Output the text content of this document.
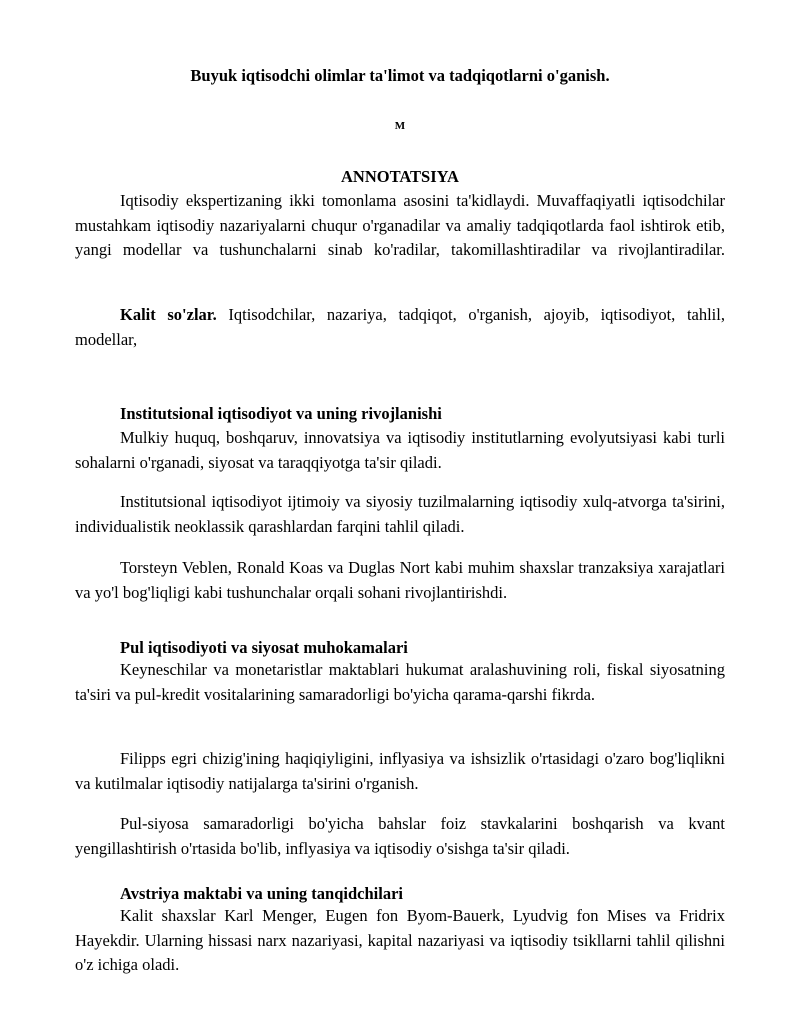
Buyuk iqtisodchi olimlar ta'limot va tadqiqotlarni o'ganish.
M
ANNOTATSIYA

Iqtisodiy ekspertizaning ikki tomonlama asosini ta'kidlaydi. Muvaffaqiyatli iqtisodchilar mustahkam iqtisodiy nazariyalarni chuqur o'rganadilar va amaliy tadqiqotlarda faol ishtirok etib, yangi modellar va tushunchalarni sinab ko'radilar, takomillashtiradilar va rivojlantiradilar.

Kalit so'zlar. Iqtisodchilar, nazariya, tadqiqot, o'rganish, ajoyib, iqtisodiyot, tahlil, modellar,

Institutsional iqtisodiyot va uning rivojlanishi

Mulkiy huquq, boshqaruv, innovatsiya va iqtisodiy institutlarning evolyutsiyasi kabi turli sohalarni o'rganadi, siyosat va taraqqiyotga ta'sir qiladi.

Institutsional iqtisodiyot ijtimoiy va siyosiy tuzilmalarning iqtisodiy xulq-atvorga ta'sirini, individualistik neoklassik qarashlardan farqini tahlil qiladi.

Torsteyn Veblen, Ronald Koas va Duglas Nort kabi muhim shaxslar tranzaksiya xarajatlari va yo'l bog'liqligi kabi tushunchalar orqali sohani rivojlantirishdi.

Pul iqtisodiyoti va siyosat muhokamalari

Keyneschilar va monetaristlar maktablari hukumat aralashuvining roli, fiskal siyosatning ta'siri va pul-kredit vositalarining samaradorligi bo'yicha qarama-qarshi fikrda.

Filipps egri chizig'ining haqiqiyligini, inflyasiya va ishsizlik o'rtasidagi o'zaro bog'liqlikni va kutilmalar iqtisodiy natijalarga ta'sirini o'rganish.

Pul-siyosa samaradorligi bo'yicha bahslar foiz stavkalarini boshqarish va kvant yengillashtirish o'rtasida bo'lib, inflyasiya va iqtisodiy o'sishga ta'sir qiladi.

Avstriya maktabi va uning tanqidchilari

Kalit shaxslar Karl Menger, Eugen fon Byom-Bauerk, Lyudvig fon Mises va Fridrix Hayekdir. Ularning hissasi narx nazariyasi, kapital nazariyasi va iqtisodiy tsikllarni tahlil qilishni o'z ichiga oladi.
